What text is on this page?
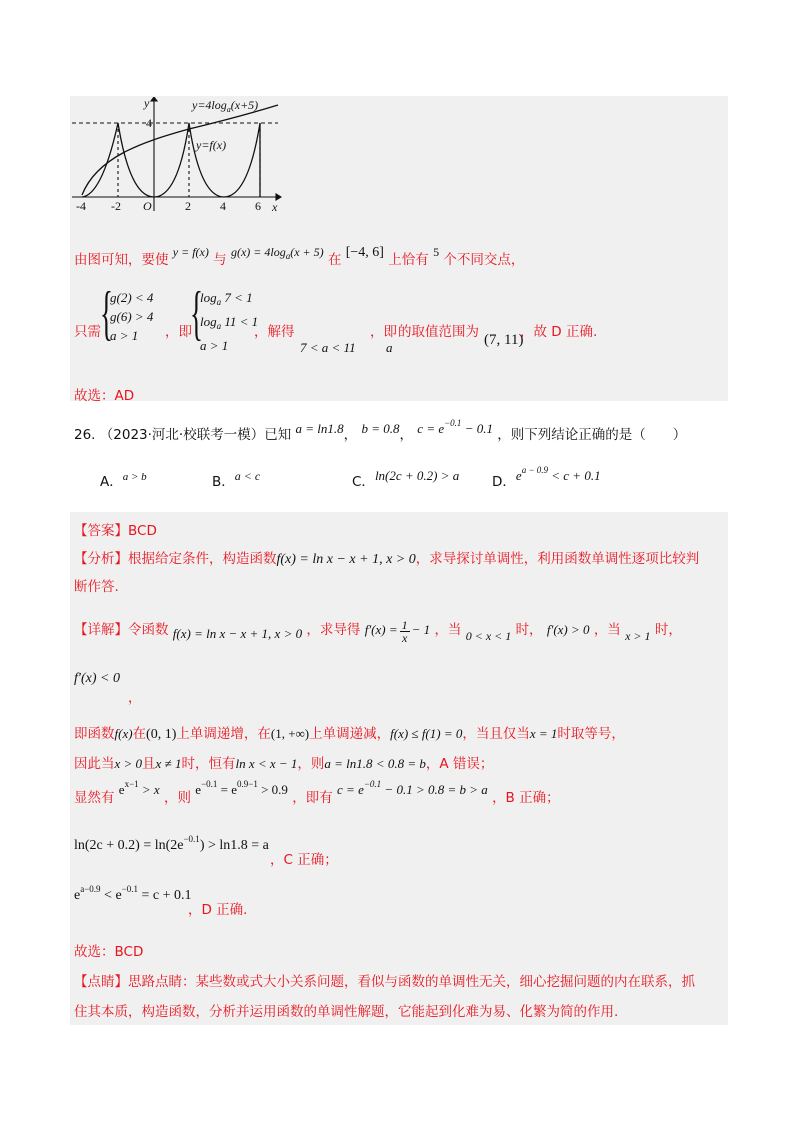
y
4
x
$y=4\log_a(x+5)$
y=f(x)
-4 -2 O	2 4 6
由图可知，要使 y = f(x) 与 $g(x) = 4\log_a(x + 5)$ 在 [−4, 6] 上恰有 5 个不同交点，
{
g(2) < 4
g(6) > 4
a > 1 {
$\log_a 7 < 1$
$\log_a 11 < 1$
a > 1
只需	，即	，解得
7 < a < 11
，即
a
的取值范围为 (7, 11)
，故 D 正确.
故选：AD
26. （2023·河北·校联考一模）已知 a = ln1.8， b = 0.8， $c = e^{-0.1} - 0.1$ ，则下列结论正确的是（　　）
A．$^{a > b}$	B．a < c	C．ln(2c + 0.2) > a D．$e^{a - 0.9} < c + 0.1$
【答案】BCD
【分析】根据给定条件，构造函数f(x) = ln x − x + 1, x > 0，求导探讨单调性，利用函数单调性逐项比较判
断作答.
【详解】令函数 f(x) = ln x − x + 1, x > 0 ，求导得 $f'(x) = \frac{1}{x} - 1$ ，当 0 < x < 1 时， f′(x) > 0 ，当 x > 1 时，
f′(x) < 0
，
即函数f(x)在(0, 1)上单调递增，在(1, +∞)上单调递减，f(x) ≤ f(1) = 0，当且仅当x = 1时取等号，
因此当x > 0且x ≠ 1时，恒有ln x < x − 1，则a = ln1.8 < 0.8 = b，A 错误；
显然有 $e^{x-1} > x$ ，则 $e^{-0.1} = e^{0.9-1} > 0.9$ ，即有 $c = e^{-0.1} - 0.1 > 0.8 = b > a$ ，B 正确；
$\ln(2c + 0.2) = \ln(2e^{-0.1}) > \ln 1.8 = a$
，C 正确；
$e^{a-0.9} < e^{-0.1} = c + 0.1$
，D 正确.
故选：BCD
【点睛】思路点睛：某些数或式大小关系问题，看似与函数的单调性无关，细心挖掘问题的内在联系，抓
住其本质，构造函数，分析并运用函数的单调性解题，它能起到化难为易、化繁为简的作用.
